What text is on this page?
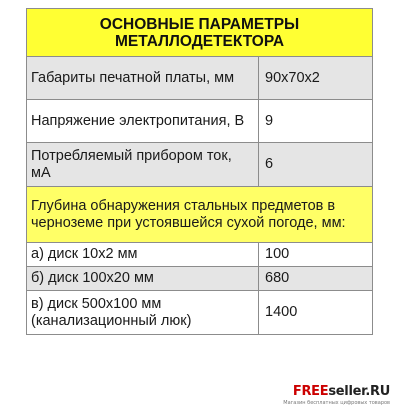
ОСНОВНЫЕ ПАРАМЕТРЫ
МЕТАЛЛОДЕТЕКТОРА	
Габариты печатной платы, мм	90х70х2
Напряжение электропитания, В	9
Потребляемый прибором ток, мА	6
Глубина обнаружения стальных предметов в черноземе при устоявшейся сухой погоде, мм:	
а) диск 10х2 мм	100
б) диск 100х20 мм	680
в) диск 500х100 мм (канализационный люк)	1400
FREEseller.RU
Магазин бесплатных цифровых товаров
